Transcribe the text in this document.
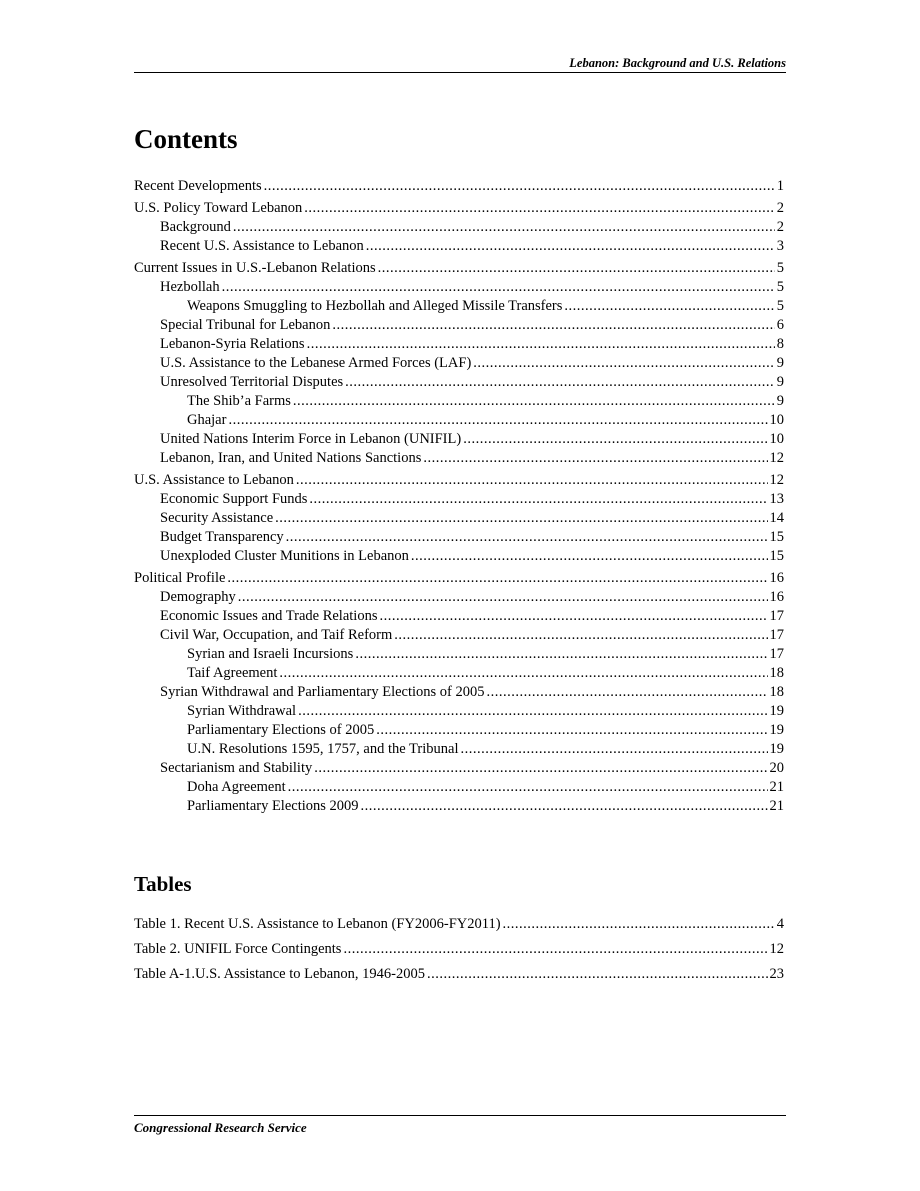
Lebanon: Background and U.S. Relations
Contents
Recent Developments .....	1
U.S. Policy Toward Lebanon .....	2
Background .....	2
Recent U.S. Assistance to Lebanon .....	3
Current Issues in U.S.-Lebanon Relations .....	5
Hezbollah .....	5
Weapons Smuggling to Hezbollah and Alleged Missile Transfers .....	5
Special Tribunal for Lebanon .....	6
Lebanon-Syria Relations .....	8
U.S. Assistance to the Lebanese Armed Forces (LAF) .....	9
Unresolved Territorial Disputes .....	9
The Shib’a Farms .....	9
Ghajar .....	10
United Nations Interim Force in Lebanon (UNIFIL) .....	10
Lebanon, Iran, and United Nations Sanctions .....	12
U.S. Assistance to Lebanon .....	12
Economic Support Funds .....	13
Security Assistance .....	14
Budget Transparency .....	15
Unexploded Cluster Munitions in Lebanon .....	15
Political Profile .....	16
Demography .....	16
Economic Issues and Trade Relations .....	17
Civil War, Occupation, and Taif Reform .....	17
Syrian and Israeli Incursions .....	17
Taif Agreement .....	18
Syrian Withdrawal and Parliamentary Elections of 2005 .....	18
Syrian Withdrawal .....	19
Parliamentary Elections of 2005 .....	19
U.N. Resolutions 1595, 1757, and the Tribunal .....	19
Sectarianism and Stability .....	20
Doha Agreement .....	21
Parliamentary Elections 2009 .....	21
Tables
Table 1. Recent U.S. Assistance to Lebanon (FY2006-FY2011) .....	4
Table 2. UNIFIL Force Contingents .....	12
Table A-1.U.S. Assistance to Lebanon, 1946-2005 .....	23
Congressional Research Service
